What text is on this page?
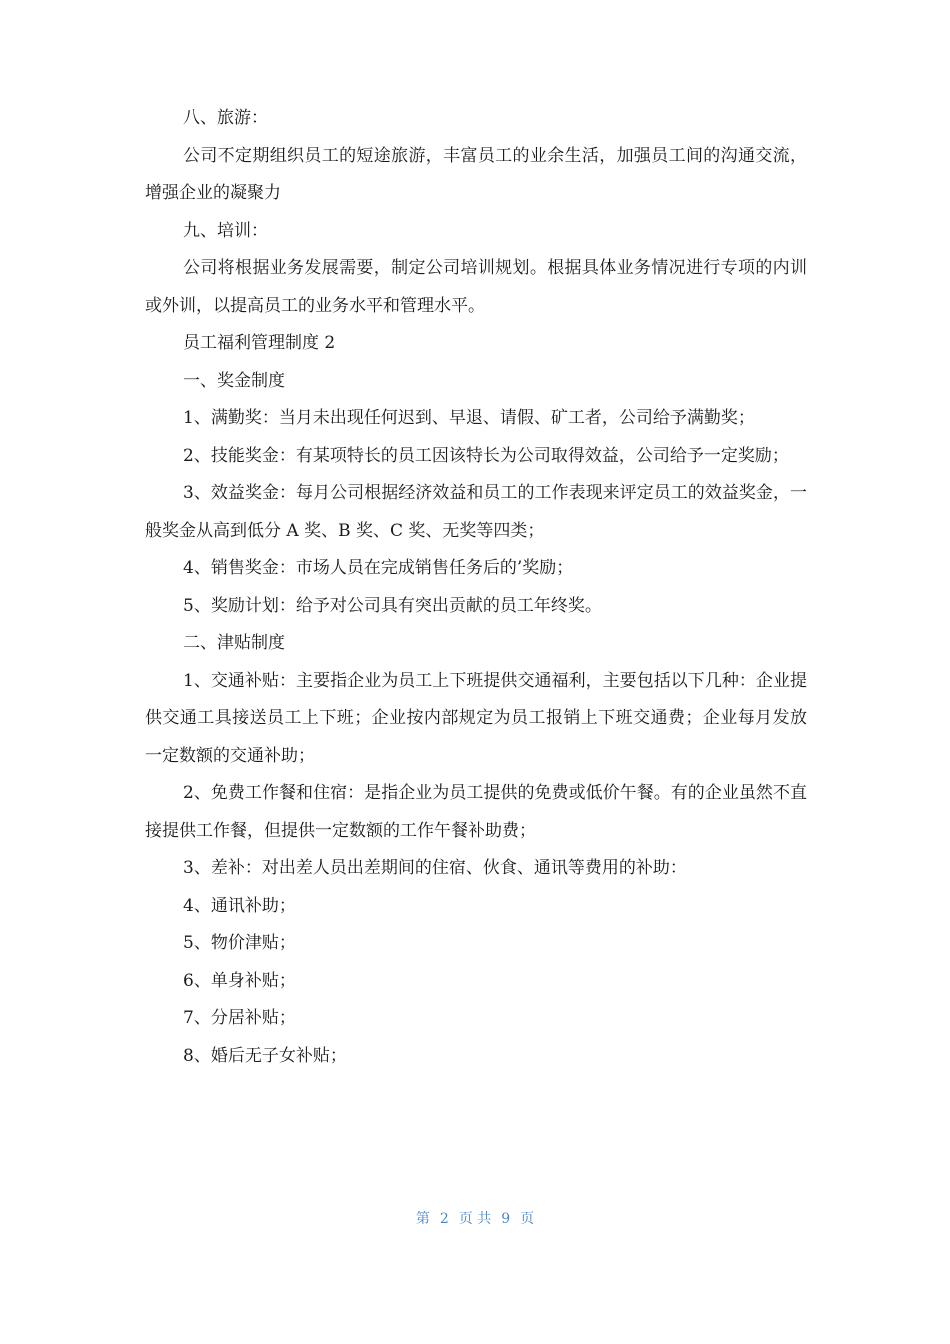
八、旅游：

公司不定期组织员工的短途旅游，丰富员工的业余生活，加强员工间的沟通交流，增强企业的凝聚力

九、培训：

公司将根据业务发展需要，制定公司培训规划。根据具体业务情况进行专项的内训或外训，以提高员工的业务水平和管理水平。

员工福利管理制度 2

一、奖金制度

1、满勤奖：当月未出现任何迟到、早退、请假、矿工者，公司给予满勤奖；

2、技能奖金：有某项特长的员工因该特长为公司取得效益，公司给予一定奖励；

3、效益奖金：每月公司根据经济效益和员工的工作表现来评定员工的效益奖金，一般奖金从高到低分 A 奖、B 奖、C 奖、无奖等四类；

4、销售奖金：市场人员在完成销售任务后的’奖励；

5、奖励计划：给予对公司具有突出贡献的员工年终奖。

二、津贴制度

1、交通补贴：主要指企业为员工上下班提供交通福利，主要包括以下几种：企业提供交通工具接送员工上下班；企业按内部规定为员工报销上下班交通费；企业每月发放一定数额的交通补助；

2、免费工作餐和住宿：是指企业为员工提供的免费或低价午餐。有的企业虽然不直接提供工作餐，但提供一定数额的工作午餐补助费；

3、差补：对出差人员出差期间的住宿、伙食、通讯等费用的补助：

4、通讯补助；

5、物价津贴；

6、单身补贴；

7、分居补贴；

8、婚后无子女补贴；

第 2 页 共 9 页
